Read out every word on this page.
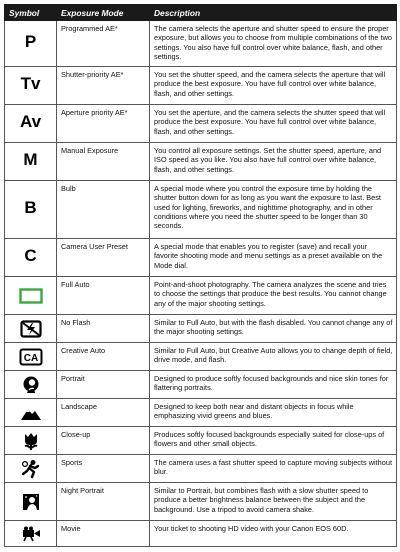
Symbol	Exposure Mode	Description
P	Programmed AE*	The camera selects the aperture and shutter speed to ensure the proper exposure, but allows you to choose from multiple combinations of the two settings. You also have full control over white balance, flash, and other settings.
Tv	Shutter-priority AE*	You set the shutter speed, and the camera selects the aperture that will produce the best exposure. You have full control over white balance, flash, and other settings.
Av	Aperture priority AE*	You set the aperture, and the camera selects the shutter speed that will produce the best exposure. You have full control over white balance, flash, and other settings.
M	Manual Exposure	You control all exposure settings. Set the shutter speed, aperture, and ISO speed as you like. You also have full control over white balance, flash, and other settings.
B	Bulb	A special mode where you control the exposure time by holding the shutter button down for as long as you want the exposure to last. Best used for lighting, fireworks, and nighttime photography, and in other conditions where you need the shutter speed to be longer than 30 seconds.
C	Camera User Preset	A special mode that enables you to register (save) and recall your favorite shooting mode and menu settings as a preset available on the Mode dial.

	Full Auto	Point-and-shoot photography. The camera analyzes the scene and tries to choose the settings that produce the best results. You cannot change any of the major shooting settings.

	No Flash	Similar to Full Auto, but with the flash disabled. You cannot change any of the major shooting settings.

CA	Creative Auto	Similar to Full Auto, but Creative Auto allows you to change depth of field, drive mode, and flash.

	Portrait	Designed to produce softly focused backgrounds and nice skin tones for flattering portraits.

	Landscape	Designed to keep both near and distant objects in focus while emphasizing vivid greens and blues.

	Close-up	Produces softly focused backgrounds especially suited for close-ups of flowers and other small objects.

	Sports	The camera uses a fast shutter speed to capture moving subjects without blur.

	Night Portrait	Similar to Portrait, but combines flash with a slow shutter speed to produce a better brightness balance between the subject and the background. Use a tripod to avoid camera shake.

	Movie	Your ticket to shooting HD video with your Canon EOS 60D.
